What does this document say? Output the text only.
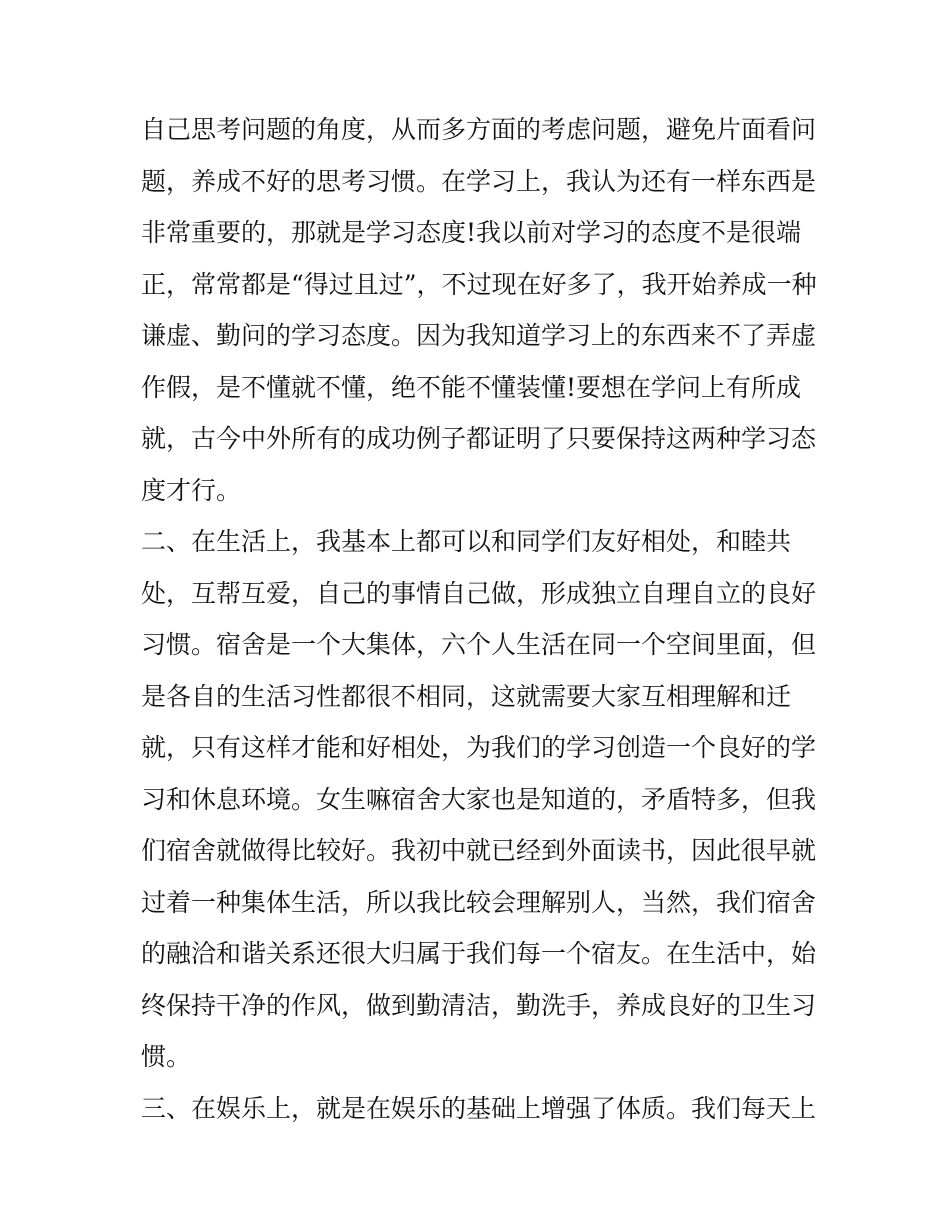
自己思考问题的角度，从而多方面的考虑问题，避免片面看问
题，养成不好的思考习惯。在学习上，我认为还有一样东西是
非常重要的，那就是学习态度!我以前对学习的态度不是很端
正，常常都是“得过且过”，不过现在好多了，我开始养成一种
谦虚、勤问的学习态度。因为我知道学习上的东西来不了弄虚
作假，是不懂就不懂，绝不能不懂装懂!要想在学问上有所成
就，古今中外所有的成功例子都证明了只要保持这两种学习态
度才行。
二、在生活上，我基本上都可以和同学们友好相处，和睦共
处，互帮互爱，自己的事情自己做，形成独立自理自立的良好
习惯。宿舍是一个大集体，六个人生活在同一个空间里面，但
是各自的生活习性都很不相同，这就需要大家互相理解和迁
就，只有这样才能和好相处，为我们的学习创造一个良好的学
习和休息环境。女生嘛宿舍大家也是知道的，矛盾特多，但我
们宿舍就做得比较好。我初中就已经到外面读书，因此很早就
过着一种集体生活，所以我比较会理解别人，当然，我们宿舍
的融洽和谐关系还很大归属于我们每一个宿友。在生活中，始
终保持干净的作风，做到勤清洁，勤洗手，养成良好的卫生习
惯。
三、在娱乐上，就是在娱乐的基础上增强了体质。我们每天上
